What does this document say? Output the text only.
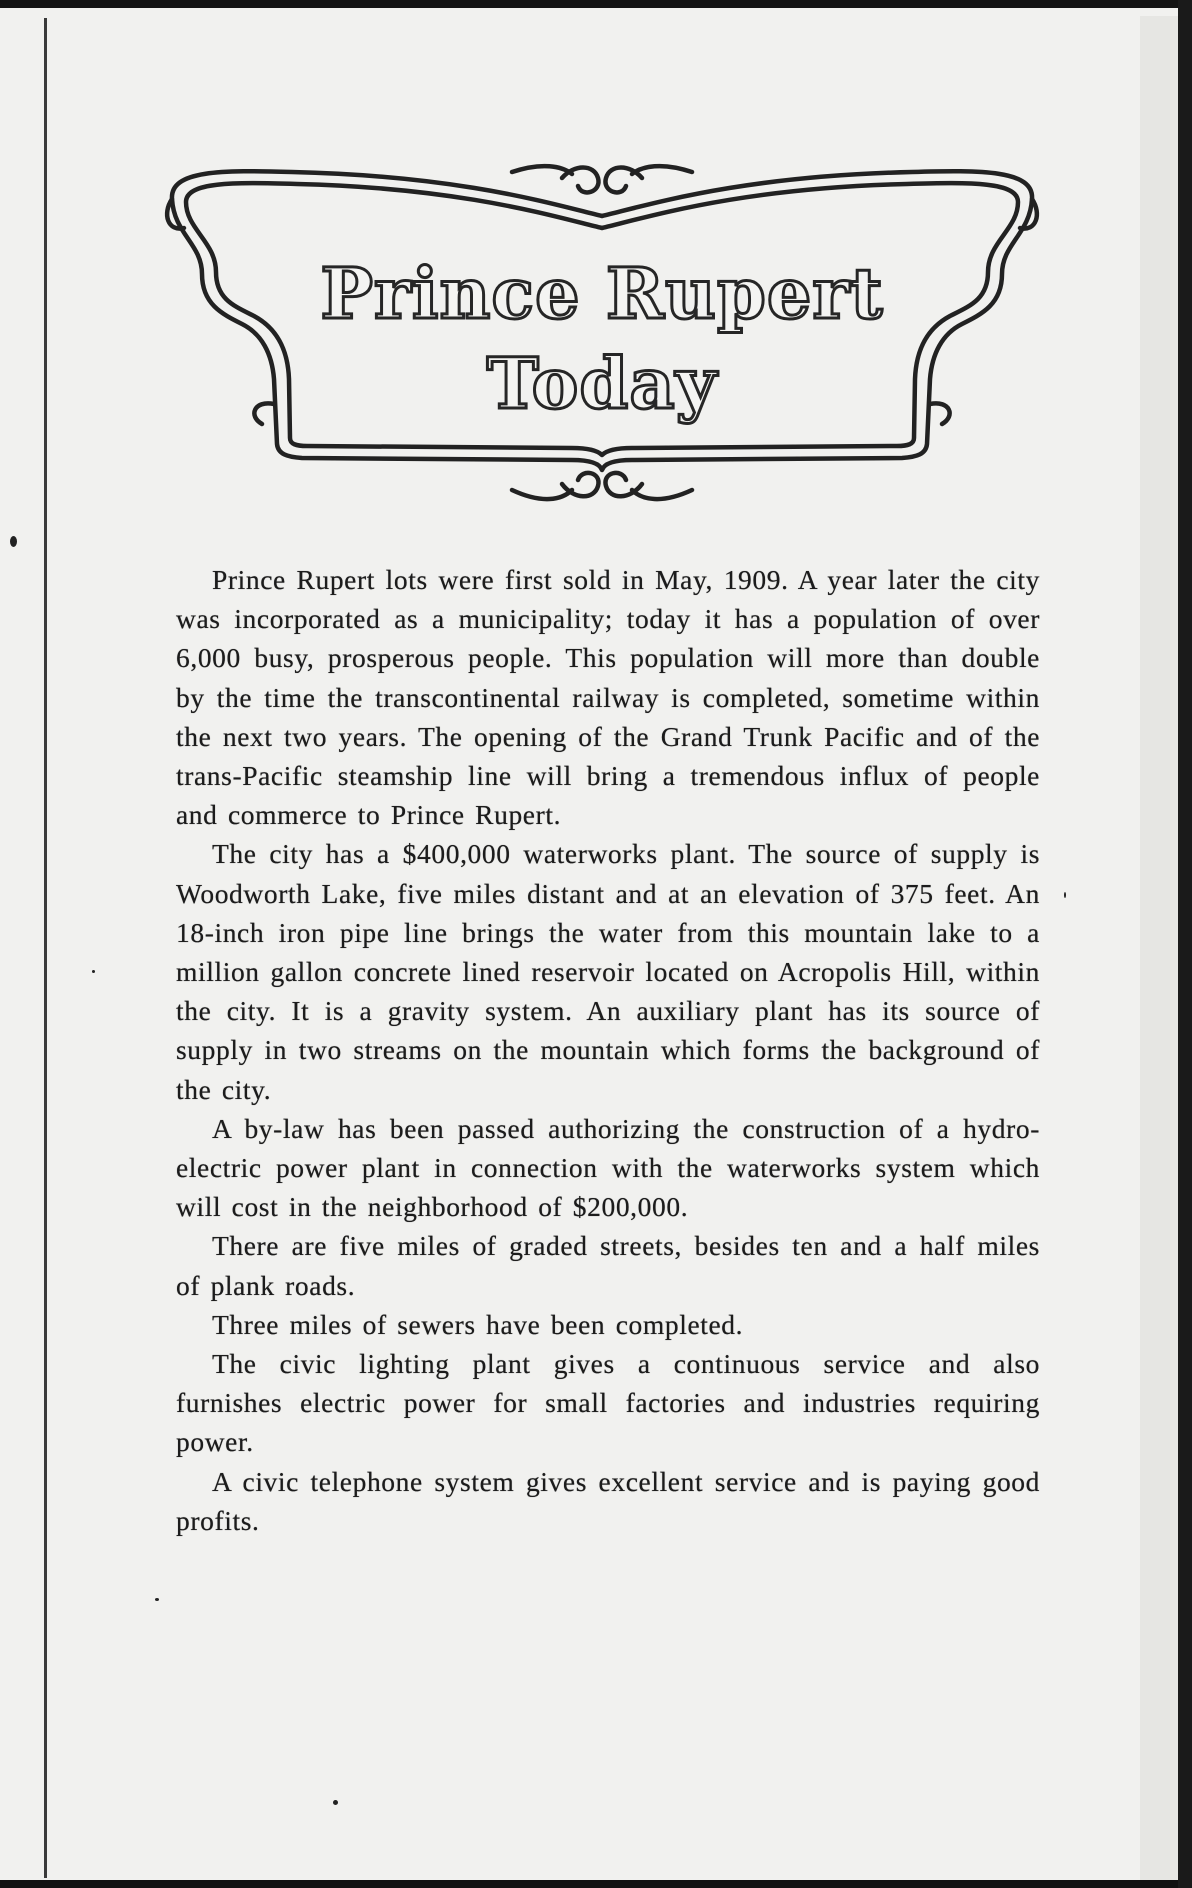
Prince Rupert
Today

Prince Rupert lots were first sold in May, 1909. A year later the city was incorporated as a municipality; today it has a population of over 6,000 busy, prosperous people. This population will more than double by the time the transcontinental railway is completed, sometime within the next two years. The opening of the Grand Trunk Pacific and of the trans-Pacific steamship line will bring a tremendous influx of people and commerce to Prince Rupert.

The city has a $400,000 waterworks plant. The source of supply is Woodworth Lake, five miles distant and at an elevation of 375 feet. An 18-inch iron pipe line brings the water from this mountain lake to a million gallon concrete lined reservoir located on Acropolis Hill, within the city. It is a gravity system. An auxiliary plant has its source of supply in two streams on the mountain which forms the background of the city.

A by-law has been passed authorizing the construction of a hydro-electric power plant in connection with the waterworks system which will cost in the neighborhood of $200,000.

There are five miles of graded streets, besides ten and a half miles of plank roads.

Three miles of sewers have been completed.

The civic lighting plant gives a continuous service and also furnishes electric power for small factories and industries requiring power.

A civic telephone system gives excellent service and is paying good profits.
